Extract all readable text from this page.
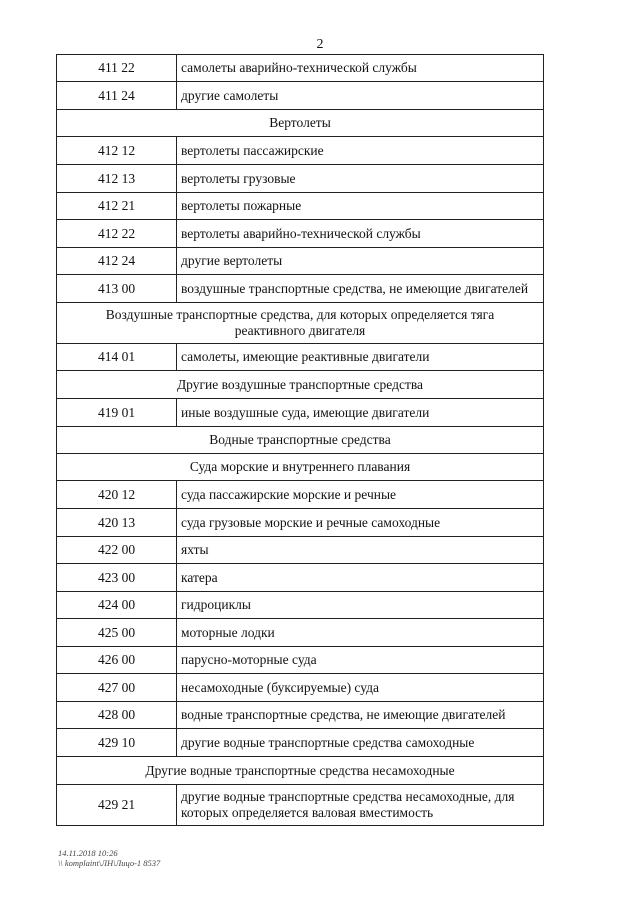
2
411 22	самолеты аварийно-технической службы
411 24	другие самолеты
Вертолеты	
412 12	вертолеты пассажирские
412 13	вертолеты грузовые
412 21	вертолеты пожарные
412 22	вертолеты аварийно-технической службы
412 24	другие вертолеты
413 00	воздушные транспортные средства, не имеющие двигателей
Воздушные транспортные средства, для которых определяется тяга реактивного двигателя	
414 01	самолеты, имеющие реактивные двигатели
Другие воздушные транспортные средства	
419 01	иные воздушные суда, имеющие двигатели
Водные транспортные средства	
Суда морские и внутреннего плавания	
420 12	суда пассажирские морские и речные
420 13	суда грузовые морские и речные самоходные
422 00	яхты
423 00	катера
424 00	гидроциклы
425 00	моторные лодки
426 00	парусно-моторные суда
427 00	несамоходные (буксируемые) суда
428 00	водные транспортные средства, не имеющие двигателей
429 10	другие водные транспортные средства самоходные
Другие водные транспортные средства несамоходные	
429 21	другие водные транспортные средства несамоходные, для которых определяется валовая вместимость
14.11.2018 10:26
\\ komplaint\ЛН\Лицо-1 8537
